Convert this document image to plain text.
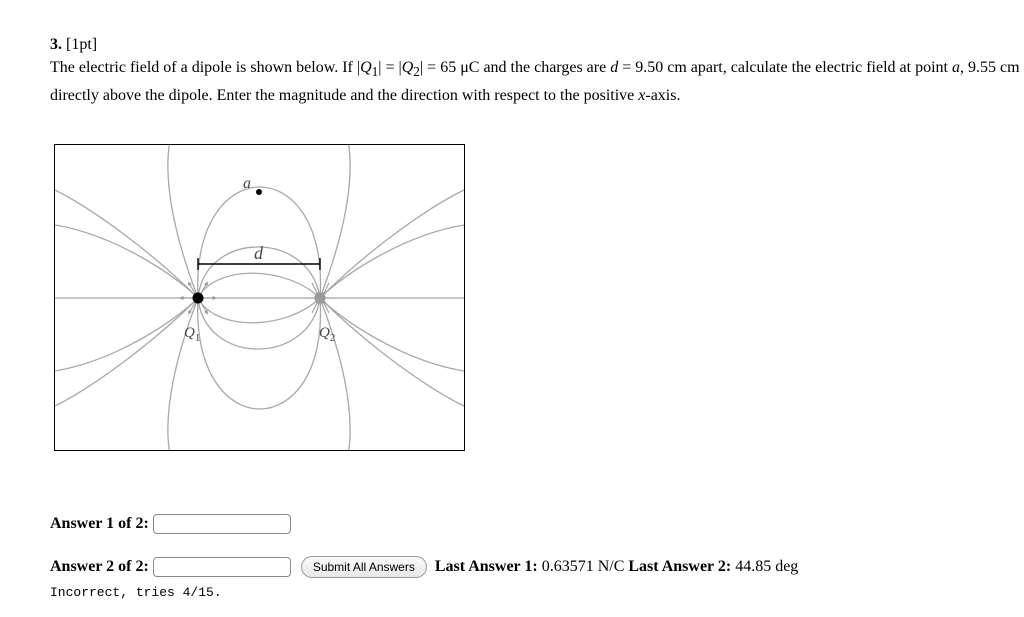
3. [1pt]
The electric field of a dipole is shown below. If $|Q_1| = |Q_2| = 65$ μC and the charges are d = 9.50 cm apart, calculate the electric field at point a, 9.55 cm directly above the dipole. Enter the magnitude and the direction with respect to the positive x-axis.
d
a
$Q_1$	$Q_2$
Answer 1 of 2:
Answer 2 of 2:	Submit All Answers	Last Answer 1: 0.63571 N/C Last Answer 2: 44.85 deg
Incorrect, tries 4/15.
